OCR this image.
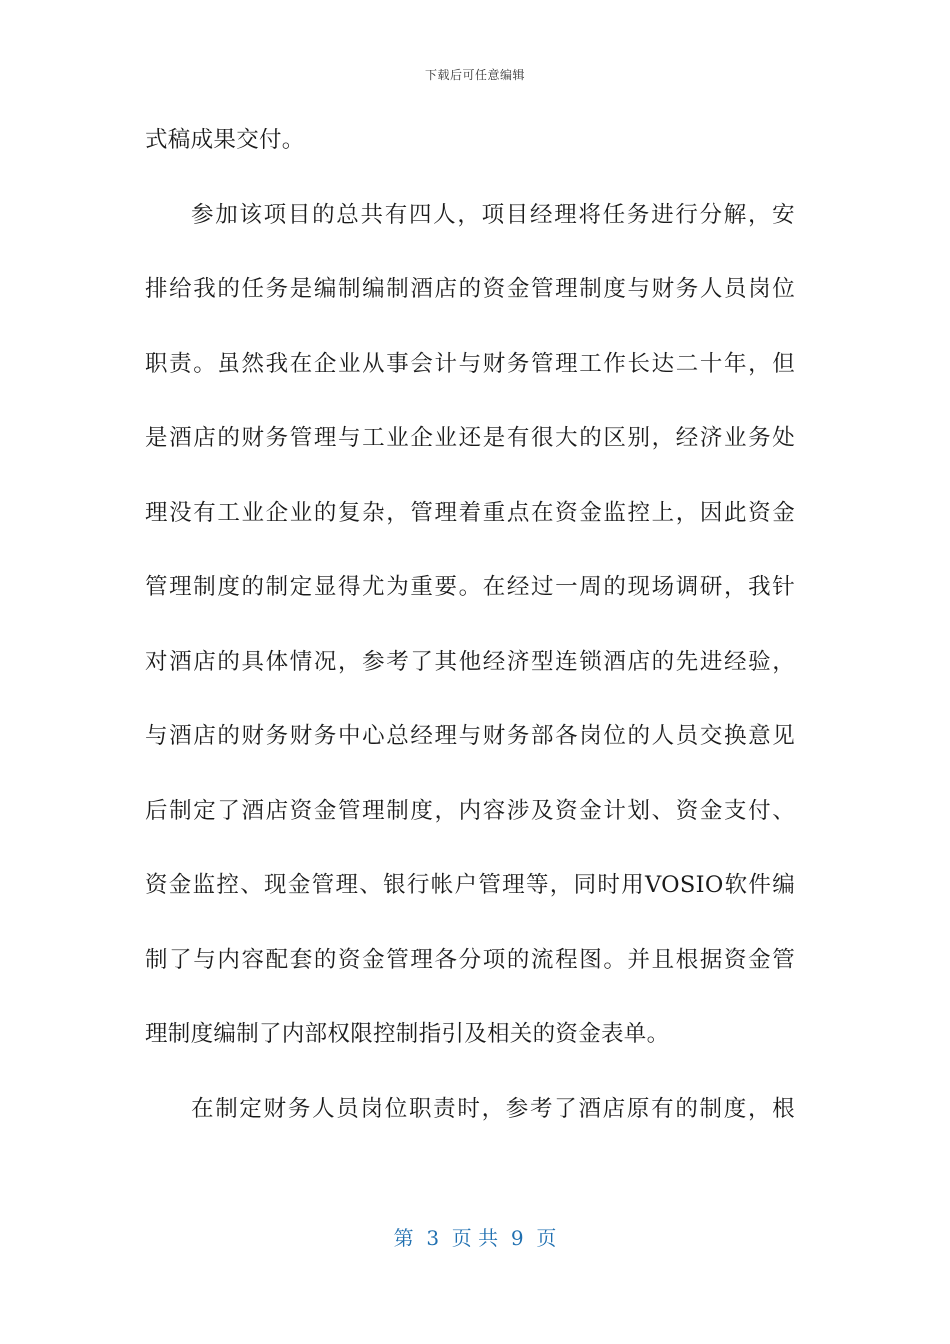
下载后可任意编辑
式稿成果交付。
参加该项目的总共有四人，项目经理将任务进行分解，安
排给我的任务是编制编制酒店的资金管理制度与财务人员岗位
职责。虽然我在企业从事会计与财务管理工作长达二十年，但
是酒店的财务管理与工业企业还是有很大的区别，经济业务处
理没有工业企业的复杂，管理着重点在资金监控上，因此资金
管理制度的制定显得尤为重要。在经过一周的现场调研，我针
对酒店的具体情况，参考了其他经济型连锁酒店的先进经验，
与酒店的财务财务中心总经理与财务部各岗位的人员交换意见
后制定了酒店资金管理制度，内容涉及资金计划、资金支付、
资金监控、现金管理、银行帐户管理等，同时用VOSIO软件编
制了与内容配套的资金管理各分项的流程图。并且根据资金管
理制度编制了内部权限控制指引及相关的资金表单。
在制定财务人员岗位职责时，参考了酒店原有的制度，根
第  3  页 共  9  页
